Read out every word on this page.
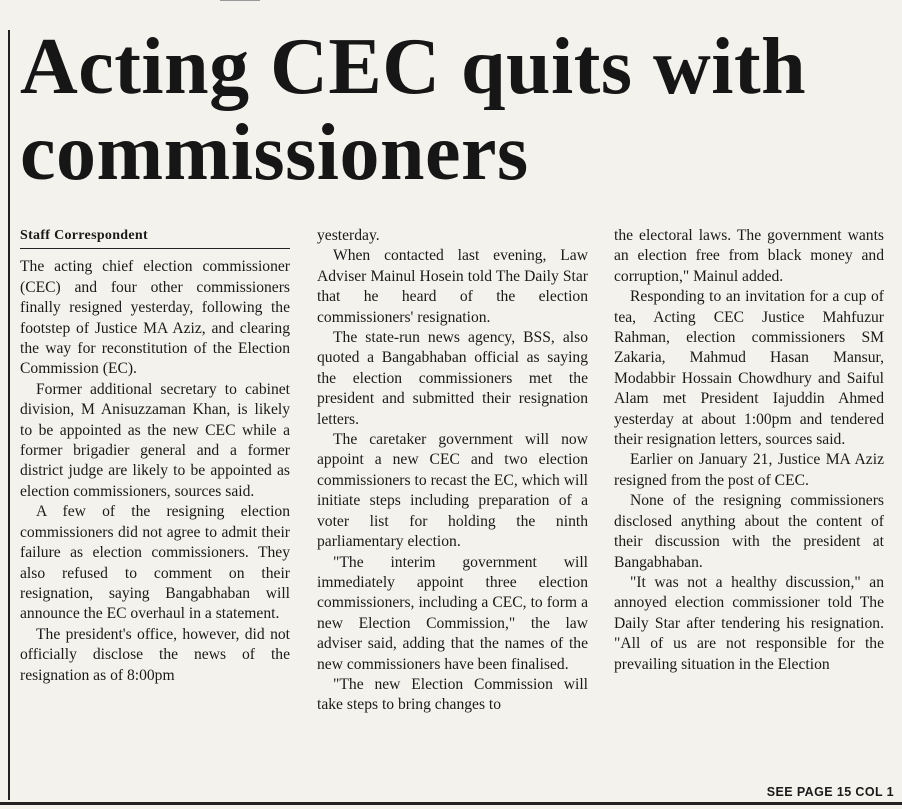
Acting CEC quits with commissioners
Staff Correspondent

The acting chief election commissioner (CEC) and four other commissioners finally resigned yesterday, following the footstep of Justice MA Aziz, and clearing the way for reconstitution of the Election Commission (EC).

Former additional secretary to cabinet division, M Anisuzzaman Khan, is likely to be appointed as the new CEC while a former brigadier general and a former district judge are likely to be appointed as election commissioners, sources said.

A few of the resigning election commissioners did not agree to admit their failure as election commissioners. They also refused to comment on their resignation, saying Bangabhaban will announce the EC overhaul in a statement.

The president's office, however, did not officially disclose the news of the resignation as of 8:00pm

yesterday.

When contacted last evening, Law Adviser Mainul Hosein told The Daily Star that he heard of the election commissioners' resignation.

The state-run news agency, BSS, also quoted a Bangabhaban official as saying the election commissioners met the president and submitted their resignation letters.

The caretaker government will now appoint a new CEC and two election commissioners to recast the EC, which will initiate steps including preparation of a voter list for holding the ninth parliamentary election.

"The interim government will immediately appoint three election commissioners, including a CEC, to form a new Election Commission," the law adviser said, adding that the names of the new commissioners have been finalised.

"The new Election Commission will take steps to bring changes to

the electoral laws. The government wants an election free from black money and corruption," Mainul added.

Responding to an invitation for a cup of tea, Acting CEC Justice Mahfuzur Rahman, election commissioners SM Zakaria, Mahmud Hasan Mansur, Modabbir Hossain Chowdhury and Saiful Alam met President Iajuddin Ahmed yesterday at about 1:00pm and tendered their resignation letters, sources said.

Earlier on January 21, Justice MA Aziz resigned from the post of CEC.

None of the resigning commissioners disclosed anything about the content of their discussion with the president at Bangabhaban.

"It was not a healthy discussion," an annoyed election commissioner told The Daily Star after tendering his resignation. "All of us are not responsible for the prevailing situation in the Election

SEE PAGE 15 COL 1
